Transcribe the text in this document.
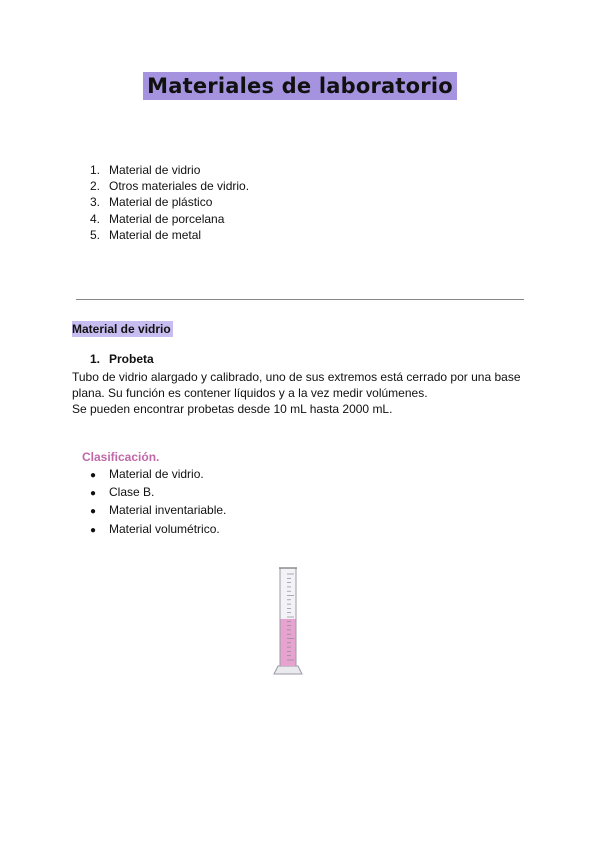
Materiales de laboratorio
1. Material de vidrio
2. Otros materiales de vidrio.
3. Material de plástico
4. Material de porcelana
5. Material de metal
Material de vidrio
1. Probeta

Tubo de vidrio alargado y calibrado, uno de sus extremos está cerrado por una base

plana. Su función es contener líquidos y a la vez medir volúmenes.

Se pueden encontrar probetas desde 10 mL hasta 2000 mL.

Clasificación.
● Material de vidrio.
● Clase B.
● Material inventariable.
● Material volumétrico.
